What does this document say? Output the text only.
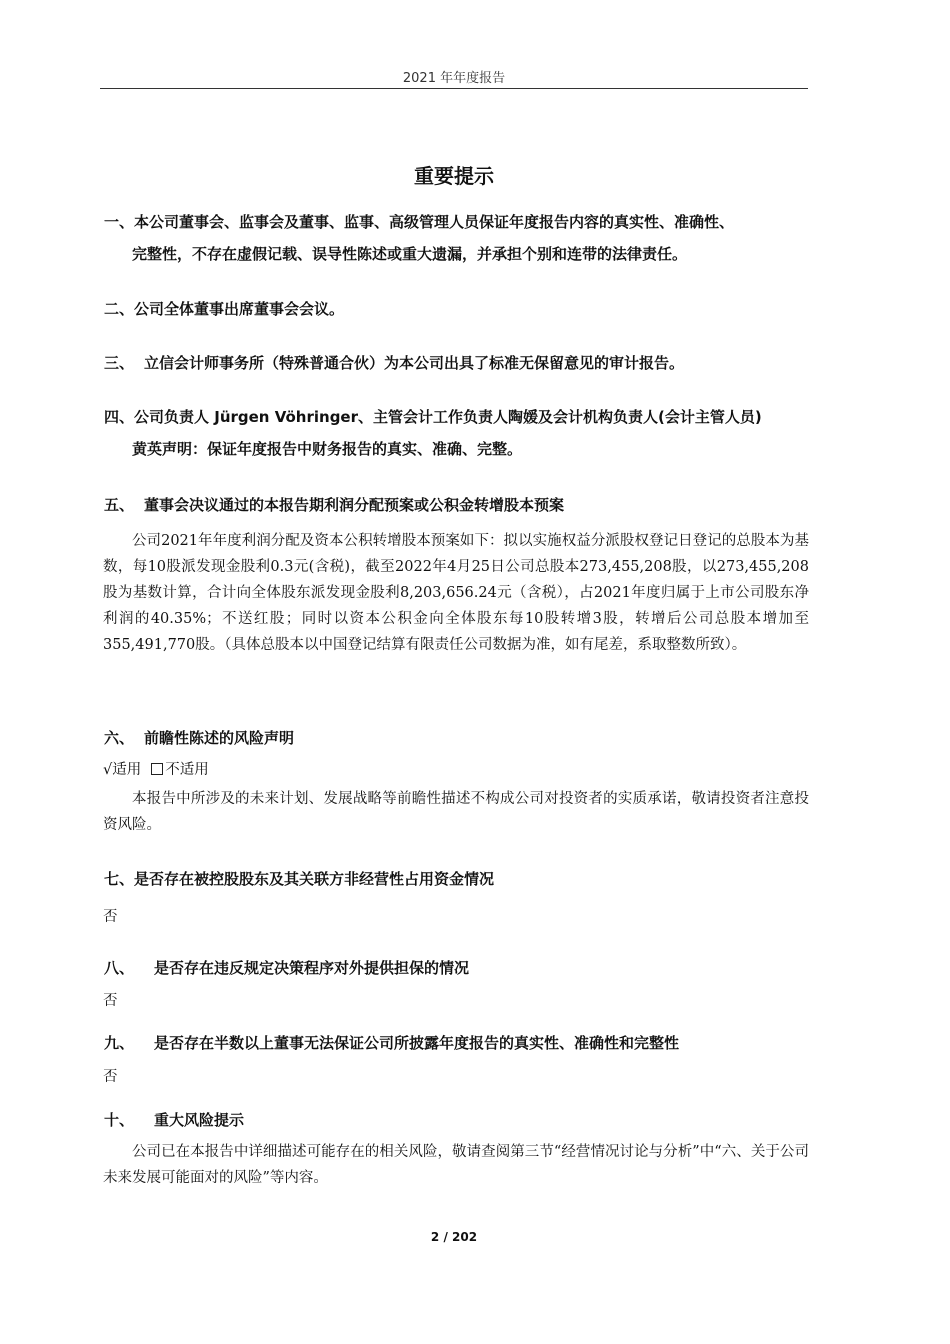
2021 年年度报告
重要提示
一、本公司董事会、监事会及董事、监事、高级管理人员保证年度报告内容的真实性、准确性、
完整性，不存在虚假记载、误导性陈述或重大遗漏，并承担个别和连带的法律责任。
二、公司全体董事出席董事会会议。
三、 立信会计师事务所（特殊普通合伙）为本公司出具了标准无保留意见的审计报告。
四、公司负责人 Jürgen Vöhringer、主管会计工作负责人陶媛及会计机构负责人(会计主管人员)
黄英声明：保证年度报告中财务报告的真实、准确、完整。
五、 董事会决议通过的本报告期利润分配预案或公积金转增股本预案
公司2021年年度利润分配及资本公积转增股本预案如下：拟以实施权益分派股权登记日登记的总股本为基数，每10股派发现金股利0.3元(含税)，截至2022年4月25日公司总股本273,455,208股，以273,455,208股为基数计算，合计向全体股东派发现金股利8,203,656.24元（含税），占2021年度归属于上市公司股东净利润的40.35%；不送红股；同时以资本公积金向全体股东每10股转增3股，转增后公司总股本增加至355,491,770股。（具体总股本以中国登记结算有限责任公司数据为准，如有尾差，系取整数所致）。
六、 前瞻性陈述的风险声明
√适用 不适用
本报告中所涉及的未来计划、发展战略等前瞻性描述不构成公司对投资者的实质承诺，敬请投资者注意投资风险。
七、是否存在被控股股东及其关联方非经营性占用资金情况
否
八、 是否存在违反规定决策程序对外提供担保的情况
否
九、 是否存在半数以上董事无法保证公司所披露年度报告的真实性、准确性和完整性
否
十、 重大风险提示
公司已在本报告中详细描述可能存在的相关风险，敬请查阅第三节“经营情况讨论与分析”中“六、关于公司未来发展可能面对的风险”等内容。
2 / 202
